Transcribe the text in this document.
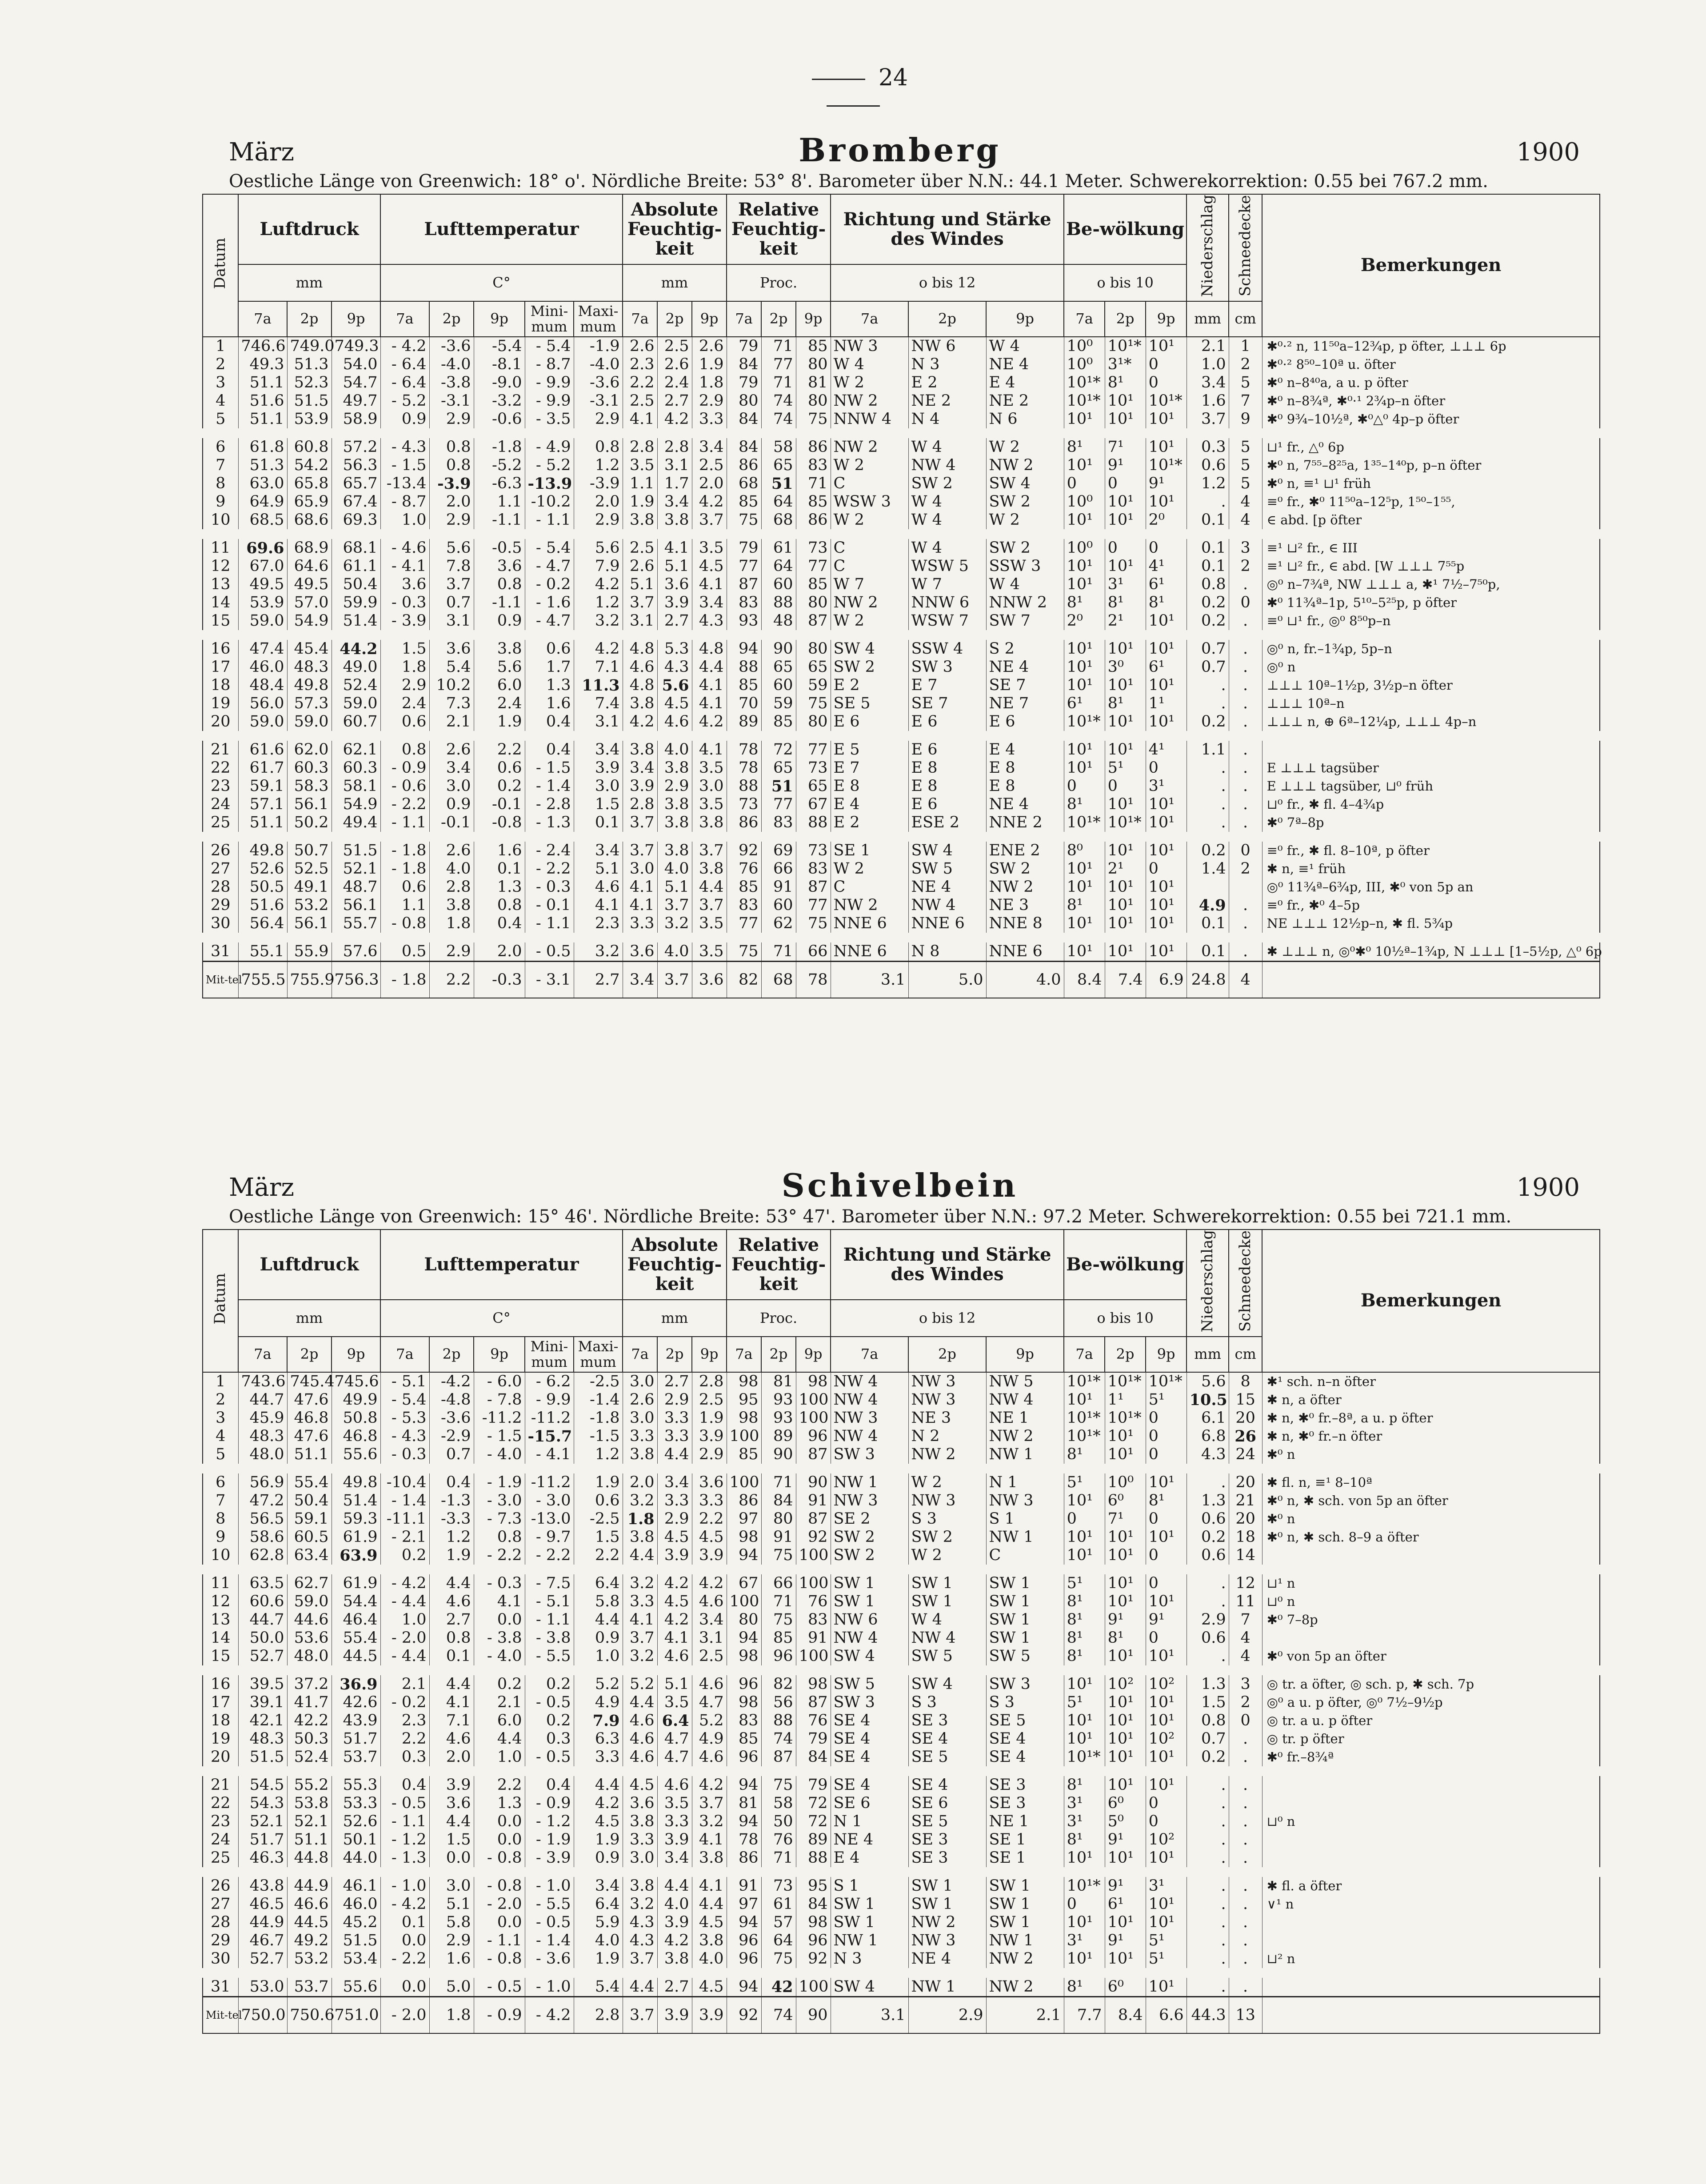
24
März	Bromberg	1900
Oestliche Länge von Greenwich: 18° o'. Nördliche Breite: 53° 8'. Barometer über N.N.: 44.1 Meter. Schwerekorrektion: 0.55 bei 767.2 mm.
Datum	Luftdruck			Lufttemperatur					Absolute Feuchtig-keit			Relative Feuchtig-keit			Richtung und Stärke des Windes			Be-wölkung			Niederschlag	Schneedecke	Bemerkungen
	mm			C°					mm			Proc.			o bis 12			o bis 10					
	7a	2p	9p	7a	2p	9p	Mini-mum	Maxi-mum	7a	2p	9p	7a	2p	9p	7a	2p	9p	7a	2p	9p	mm	cm	
1	746.6	749.0	749.3	- 4.2	-3.6	-5.4	- 5.4	-1.9	2.6	2.5	2.6	79	71	85	NW 3	NW 6	W 4	10⁰	10¹*	10¹	2.1	1	✱⁰·² n, 11⁵⁰a–12¾p, p öfter, ⊥⊥⊥ 6p
2	49.3	51.3	54.0	- 6.4	-4.0	-8.1	- 8.7	-4.0	2.3	2.6	1.9	84	77	80	W 4	N 3	NE 4	10⁰	3¹*	0	1.0	2	✱⁰·² 8⁵⁰–10ª u. öfter
3	51.1	52.3	54.7	- 6.4	-3.8	-9.0	- 9.9	-3.6	2.2	2.4	1.8	79	71	81	W 2	E 2	E 4	10¹*	8¹	0	3.4	5	✱⁰ n–8⁴⁰a, a u. p öfter
4	51.6	51.5	49.7	- 5.2	-3.1	-3.2	- 9.9	-3.1	2.5	2.7	2.9	80	74	80	NW 2	NE 2	NE 2	10¹*	10¹	10¹*	1.6	7	✱⁰ n–8¾ª, ✱⁰·¹ 2¾p–n öfter
5	51.1	53.9	58.9	0.9	2.9	-0.6	- 3.5	2.9	4.1	4.2	3.3	84	74	75	NNW 4	N 4	N 6	10¹	10¹	10¹	3.7	9	✱⁰ 9¾–10½ª, ✱⁰△⁰ 4p–p öfter
6	61.8	60.8	57.2	- 4.3	0.8	-1.8	- 4.9	0.8	2.8	2.8	3.4	84	58	86	NW 2	W 4	W 2	8¹	7¹	10¹	0.3	5	⊔¹ fr., △⁰ 6p
7	51.3	54.2	56.3	- 1.5	0.8	-5.2	- 5.2	1.2	3.5	3.1	2.5	86	65	83	W 2	NW 4	NW 2	10¹	9¹	10¹*	0.6	5	✱⁰ n, 7⁵⁵–8²⁵a, 1³⁵–1⁴⁰p, p–n öfter
8	63.0	65.8	65.7	-13.4	-3.9	-6.3	-13.9	-3.9	1.1	1.7	2.0	68	51	71	C	SW 2	SW 4	0	0	9¹	1.2	5	✱⁰ n, ≡¹ ⊔¹ früh
9	64.9	65.9	67.4	- 8.7	2.0	1.1	-10.2	2.0	1.9	3.4	4.2	85	64	85	WSW 3	W 4	SW 2	10⁰	10¹	10¹	.	4	≡⁰ fr., ✱⁰ 11⁵⁰a–12⁵p, 1⁵⁰–1⁵⁵,
10	68.5	68.6	69.3	1.0	2.9	-1.1	- 1.1	2.9	3.8	3.8	3.7	75	68	86	W 2	W 4	W 2	10¹	10¹	2⁰	0.1	4	∈ abd. [p öfter
11	69.6	68.9	68.1	- 4.6	5.6	-0.5	- 5.4	5.6	2.5	4.1	3.5	79	61	73	C	W 4	SW 2	10⁰	0	0	0.1	3	≡¹ ⊔² fr., ∈ III
12	67.0	64.6	61.1	- 4.1	7.8	3.6	- 4.7	7.9	2.6	5.1	4.5	77	64	77	C	WSW 5	SSW 3	10¹	10¹	4¹	0.1	2	≡¹ ⊔² fr., ∈ abd. [W ⊥⊥⊥ 7⁵⁵p
13	49.5	49.5	50.4	3.6	3.7	0.8	- 0.2	4.2	5.1	3.6	4.1	87	60	85	W 7	W 7	W 4	10¹	3¹	6¹	0.8	.	◎⁰ n–7¾ª, NW ⊥⊥⊥ a, ✱¹ 7½–7⁵⁰p,
14	53.9	57.0	59.9	- 0.3	0.7	-1.1	- 1.6	1.2	3.7	3.9	3.4	83	88	80	NW 2	NNW 6	NNW 2	8¹	8¹	8¹	0.2	0	✱⁰ 11¾ª–1p, 5¹⁰–5²⁵p, p öfter
15	59.0	54.9	51.4	- 3.9	3.1	0.9	- 4.7	3.2	3.1	2.7	4.3	93	48	87	W 2	WSW 7	SW 7	2⁰	2¹	10¹	0.2	.	≡⁰ ⊔¹ fr., ◎⁰ 8⁵⁰p–n
16	47.4	45.4	44.2	1.5	3.6	3.8	0.6	4.2	4.8	5.3	4.8	94	90	80	SW 4	SSW 4	S 2	10¹	10¹	10¹	0.7	.	◎⁰ n, fr.–1¾p, 5p–n
17	46.0	48.3	49.0	1.8	5.4	5.6	1.7	7.1	4.6	4.3	4.4	88	65	65	SW 2	SW 3	NE 4	10¹	3⁰	6¹	0.7	.	◎⁰ n
18	48.4	49.8	52.4	2.9	10.2	6.0	1.3	11.3	4.8	5.6	4.1	85	60	59	E 2	E 7	SE 7	10¹	10¹	10¹	.	.	⊥⊥⊥ 10ª–1½p, 3½p–n öfter
19	56.0	57.3	59.0	2.4	7.3	2.4	1.6	7.4	3.8	4.5	4.1	70	59	75	SE 5	SE 7	NE 7	6¹	8¹	1¹	.	.	⊥⊥⊥ 10ª–n
20	59.0	59.0	60.7	0.6	2.1	1.9	0.4	3.1	4.2	4.6	4.2	89	85	80	E 6	E 6	E 6	10¹*	10¹	10¹	0.2	.	⊥⊥⊥ n, ⊕ 6ª–12¼p, ⊥⊥⊥ 4p–n
21	61.6	62.0	62.1	0.8	2.6	2.2	0.4	3.4	3.8	4.0	4.1	78	72	77	E 5	E 6	E 4	10¹	10¹	4¹	1.1	.	
22	61.7	60.3	60.3	- 0.9	3.4	0.6	- 1.5	3.9	3.4	3.8	3.5	78	65	73	E 7	E 8	E 8	10¹	5¹	0	.	.	E ⊥⊥⊥ tagsüber
23	59.1	58.3	58.1	- 0.6	3.0	0.2	- 1.4	3.0	3.9	2.9	3.0	88	51	65	E 8	E 8	E 8	0	0	3¹	.	.	E ⊥⊥⊥ tagsüber, ⊔⁰ früh
24	57.1	56.1	54.9	- 2.2	0.9	-0.1	- 2.8	1.5	2.8	3.8	3.5	73	77	67	E 4	E 6	NE 4	8¹	10¹	10¹	.	.	⊔⁰ fr., ✱ fl. 4–4¾p
25	51.1	50.2	49.4	- 1.1	-0.1	-0.8	- 1.3	0.1	3.7	3.8	3.8	86	83	88	E 2	ESE 2	NNE 2	10¹*	10¹*	10¹	.	.	✱⁰ 7ª–8p
26	49.8	50.7	51.5	- 1.8	2.6	1.6	- 2.4	3.4	3.7	3.8	3.7	92	69	73	SE 1	SW 4	ENE 2	8⁰	10¹	10¹	0.2	0	≡⁰ fr., ✱ fl. 8–10ª, p öfter
27	52.6	52.5	52.1	- 1.8	4.0	0.1	- 2.2	5.1	3.0	4.0	3.8	76	66	83	W 2	SW 5	SW 2	10¹	2¹	0	1.4	2	✱ n, ≡¹ früh
28	50.5	49.1	48.7	0.6	2.8	1.3	- 0.3	4.6	4.1	5.1	4.4	85	91	87	C	NE 4	NW 2	10¹	10¹	10¹			◎⁰ 11¾ª–6¾p, III, ✱⁰ von 5p an
29	51.6	53.2	56.1	1.1	3.8	0.8	- 0.1	4.1	4.1	3.7	3.7	83	60	77	NW 2	NW 4	NE 3	8¹	10¹	10¹	4.9	.	≡⁰ fr., ✱⁰ 4–5p
30	56.4	56.1	55.7	- 0.8	1.8	0.4	- 1.1	2.3	3.3	3.2	3.5	77	62	75	NNE 6	NNE 6	NNE 8	10¹	10¹	10¹	0.1	.	NE ⊥⊥⊥ 12½p–n, ✱ fl. 5¾p
31	55.1	55.9	57.6	0.5	2.9	2.0	- 0.5	3.2	3.6	4.0	3.5	75	71	66	NNE 6	N 8	NNE 6	10¹	10¹	10¹	0.1	.	✱ ⊥⊥⊥ n, ◎⁰✱⁰ 10½ª–1¾p, N ⊥⊥⊥ [1–5½p, △⁰ 6p
Mit-tel	755.5	755.9	756.3	- 1.8	2.2	-0.3	- 3.1	2.7	3.4	3.7	3.6	82	68	78	3.1	5.0	4.0	8.4	7.4	6.9	24.8	4	
März	Schivelbein	1900
Oestliche Länge von Greenwich: 15° 46'. Nördliche Breite: 53° 47'. Barometer über N.N.: 97.2 Meter. Schwerekorrektion: 0.55 bei 721.1 mm.
Datum	Luftdruck			Lufttemperatur					Absolute Feuchtig-keit			Relative Feuchtig-keit			Richtung und Stärke des Windes			Be-wölkung			Niederschlag	Schneedecke	Bemerkungen
	mm			C°					mm			Proc.			o bis 12			o bis 10					
	7a	2p	9p	7a	2p	9p	Mini-mum	Maxi-mum	7a	2p	9p	7a	2p	9p	7a	2p	9p	7a	2p	9p	mm	cm	
1	743.6	745.4	745.6	- 5.1	-4.2	- 6.0	- 6.2	-2.5	3.0	2.7	2.8	98	81	98	NW 4	NW 3	NW 5	10¹*	10¹*	10¹*	5.6	8	✱¹ sch. n–n öfter
2	44.7	47.6	49.9	- 5.4	-4.8	- 7.8	- 9.9	-1.4	2.6	2.9	2.5	95	93	100	NW 4	NW 3	NW 4	10¹	1¹	5¹	10.5	15	✱ n, a öfter
3	45.9	46.8	50.8	- 5.3	-3.6	-11.2	-11.2	-1.8	3.0	3.3	1.9	98	93	100	NW 3	NE 3	NE 1	10¹*	10¹*	0	6.1	20	✱ n, ✱⁰ fr.–8ª, a u. p öfter
4	48.3	47.6	46.8	- 4.3	-2.9	- 1.5	-15.7	-1.5	3.3	3.3	3.9	100	89	96	NW 4	N 2	NW 2	10¹*	10¹	0	6.8	26	✱ n, ✱⁰ fr.–n öfter
5	48.0	51.1	55.6	- 0.3	0.7	- 4.0	- 4.1	1.2	3.8	4.4	2.9	85	90	87	SW 3	NW 2	NW 1	8¹	10¹	0	4.3	24	✱⁰ n
6	56.9	55.4	49.8	-10.4	0.4	- 1.9	-11.2	1.9	2.0	3.4	3.6	100	71	90	NW 1	W 2	N 1	5¹	10⁰	10¹	.	20	✱ fl. n, ≡¹ 8–10ª
7	47.2	50.4	51.4	- 1.4	-1.3	- 3.0	- 3.0	0.6	3.2	3.3	3.3	86	84	91	NW 3	NW 3	NW 3	10¹	6⁰	8¹	1.3	21	✱⁰ n, ✱ sch. von 5p an öfter
8	56.5	59.1	59.3	-11.1	-3.3	- 7.3	-13.0	-2.5	1.8	2.9	2.2	97	80	87	SE 2	S 3	S 1	0	7¹	0	0.6	20	✱⁰ n
9	58.6	60.5	61.9	- 2.1	1.2	0.8	- 9.7	1.5	3.8	4.5	4.5	98	91	92	SW 2	SW 2	NW 1	10¹	10¹	10¹	0.2	18	✱⁰ n, ✱ sch. 8–9 a öfter
10	62.8	63.4	63.9	0.2	1.9	- 2.2	- 2.2	2.2	4.4	3.9	3.9	94	75	100	SW 2	W 2	C	10¹	10¹	0	0.6	14	
11	63.5	62.7	61.9	- 4.2	4.4	- 0.3	- 7.5	6.4	3.2	4.2	4.2	67	66	100	SW 1	SW 1	SW 1	5¹	10¹	0	.	12	⊔¹ n
12	60.6	59.0	54.4	- 4.4	4.6	4.1	- 5.1	5.8	3.3	4.5	4.6	100	71	76	SW 1	SW 1	SW 1	8¹	10¹	10¹	.	11	⊔⁰ n
13	44.7	44.6	46.4	1.0	2.7	0.0	- 1.1	4.4	4.1	4.2	3.4	80	75	83	NW 6	W 4	SW 1	8¹	9¹	9¹	2.9	7	✱⁰ 7–8p
14	50.0	53.6	55.4	- 2.0	0.8	- 3.8	- 3.8	0.9	3.7	4.1	3.1	94	85	91	NW 4	NW 4	SW 1	8¹	8¹	0	0.6	4	
15	52.7	48.0	44.5	- 4.4	0.1	- 4.0	- 5.5	1.0	3.2	4.6	2.5	98	96	100	SW 4	SW 5	SW 5	8¹	10¹	10¹	.	4	✱⁰ von 5p an öfter
16	39.5	37.2	36.9	2.1	4.4	0.2	0.2	5.2	5.2	5.1	4.6	96	82	98	SW 5	SW 4	SW 3	10¹	10²	10²	1.3	3	◎ tr. a öfter, ◎ sch. p, ✱ sch. 7p
17	39.1	41.7	42.6	- 0.2	4.1	2.1	- 0.5	4.9	4.4	3.5	4.7	98	56	87	SW 3	S 3	S 3	5¹	10¹	10¹	1.5	2	◎⁰ a u. p öfter, ◎⁰ 7½–9½p
18	42.1	42.2	43.9	2.3	7.1	6.0	0.2	7.9	4.6	6.4	5.2	83	88	76	SE 4	SE 3	SE 5	10¹	10¹	10¹	0.8	0	◎ tr. a u. p öfter
19	48.3	50.3	51.7	2.2	4.6	4.4	0.3	6.3	4.6	4.7	4.9	85	74	79	SE 4	SE 4	SE 4	10¹	10¹	10²	0.7	.	◎ tr. p öfter
20	51.5	52.4	53.7	0.3	2.0	1.0	- 0.5	3.3	4.6	4.7	4.6	96	87	84	SE 4	SE 5	SE 4	10¹*	10¹	10¹	0.2	.	✱⁰ fr.–8¾ª
21	54.5	55.2	55.3	0.4	3.9	2.2	0.4	4.4	4.5	4.6	4.2	94	75	79	SE 4	SE 4	SE 3	8¹	10¹	10¹	.	.	
22	54.3	53.8	53.3	- 0.5	3.6	1.3	- 0.9	4.2	3.6	3.5	3.7	81	58	72	SE 6	SE 6	SE 3	3¹	6⁰	0	.	.	
23	52.1	52.1	52.6	- 1.1	4.4	0.0	- 1.2	4.5	3.8	3.3	3.2	94	50	72	N 1	SE 5	NE 1	3¹	5⁰	0	.	.	⊔⁰ n
24	51.7	51.1	50.1	- 1.2	1.5	0.0	- 1.9	1.9	3.3	3.9	4.1	78	76	89	NE 4	SE 3	SE 1	8¹	9¹	10²	.	.	
25	46.3	44.8	44.0	- 1.3	0.0	- 0.8	- 3.9	0.9	3.0	3.4	3.8	86	71	88	E 4	SE 3	SE 1	10¹	10¹	10¹	.	.	
26	43.8	44.9	46.1	- 1.0	3.0	- 0.8	- 1.0	3.4	3.8	4.4	4.1	91	73	95	S 1	SW 1	SW 1	10¹*	9¹	3¹	.	.	✱ fl. a öfter
27	46.5	46.6	46.0	- 4.2	5.1	- 2.0	- 5.5	6.4	3.2	4.0	4.4	97	61	84	SW 1	SW 1	SW 1	0	6¹	10¹	.	.	∨¹ n
28	44.9	44.5	45.2	0.1	5.8	0.0	- 0.5	5.9	4.3	3.9	4.5	94	57	98	SW 1	NW 2	SW 1	10¹	10¹	10¹	.	.	
29	46.7	49.2	51.5	0.0	2.9	- 1.1	- 1.4	4.0	4.3	4.2	3.8	96	64	96	NW 1	NW 3	NW 1	3¹	9¹	5¹	.	.	
30	52.7	53.2	53.4	- 2.2	1.6	- 0.8	- 3.6	1.9	3.7	3.8	4.0	96	75	92	N 3	NE 4	NW 2	10¹	10¹	5¹	.	.	⊔² n
31	53.0	53.7	55.6	0.0	5.0	- 0.5	- 1.0	5.4	4.4	2.7	4.5	94	42	100	SW 4	NW 1	NW 2	8¹	6⁰	10¹	.	.	
Mit-tel	750.0	750.6	751.0	- 2.0	1.8	- 0.9	- 4.2	2.8	3.7	3.9	3.9	92	74	90	3.1	2.9	2.1	7.7	8.4	6.6	44.3	13	
